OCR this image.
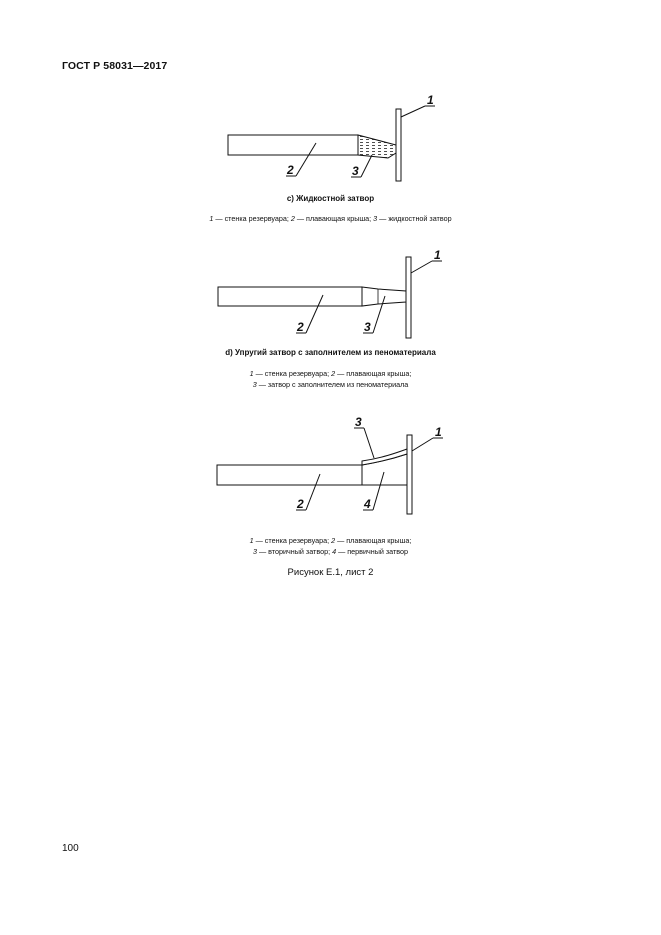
ГОСТ Р 58031—2017
1
2	3
1
2	3
1
2
3
4
с) Жидкостной затвор
1 — стенка резервуара; 2 — плавающая крыша; 3 — жидкостной затвор
d) Упругий затвор с заполнителем из пеноматериала
1 — стенка резервуара; 2 — плавающая крыша;
3 — затвор с заполнителем из пеноматериала
1 — стенка резервуара; 2 — плавающая крыша;
3 — вторичный затвор; 4 — первичный затвор
Рисунок Е.1, лист 2
100
